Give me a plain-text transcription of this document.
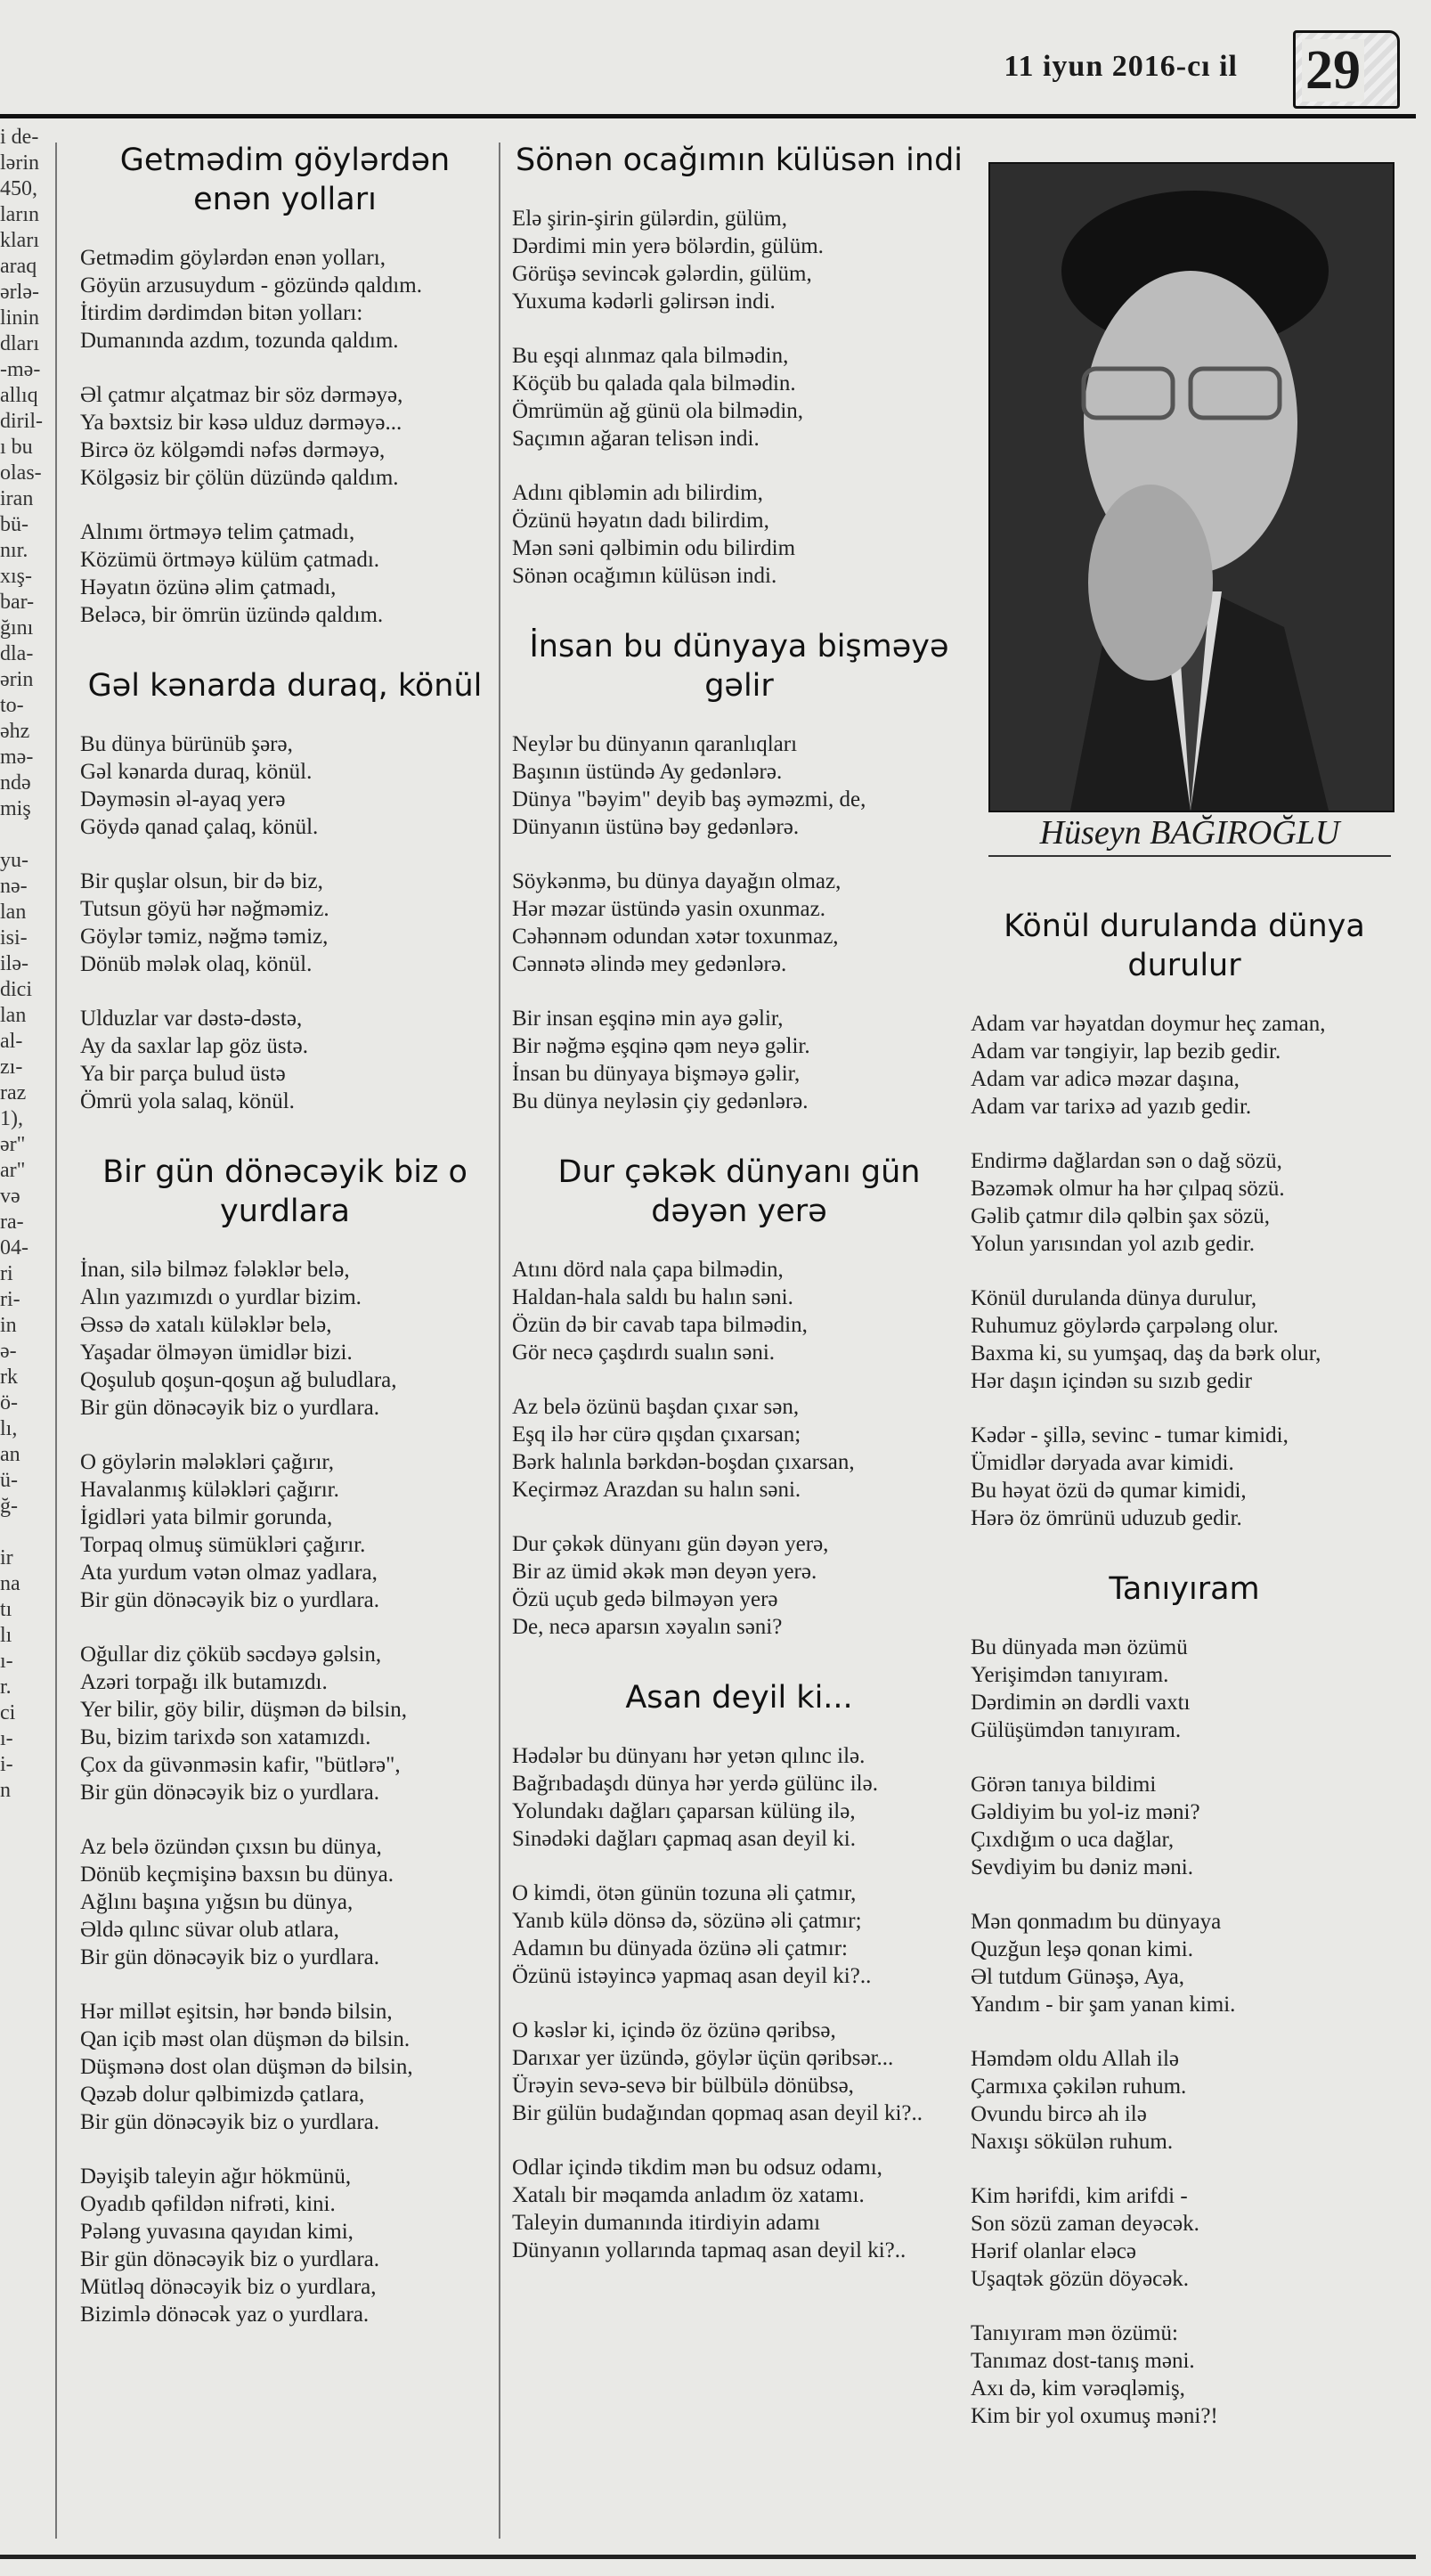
11 iyun 2016-cı il 29
i de-
lərin
450,
ların
kları
araq
ərlə-
linin
dları
-mə-
allıq
diril-
ı bu
olas-
iran
bü-
nır.
xış-
bar-
ğını
dla-
ərin
to-
əhz
mə-
ndə
miş
yu-
nə-
lan
isi-
ilə-
dici
lan
al-
zı-
raz
1),
ər"
ar"
və
ra-
04-
ri
ri-
in
ə-
rk
ö-
lı,
an
ü-
ğ-
ir
na
tı
lı
ı-
r.
ci
ı-
i-
n
Getmədim göylərdən enən yolları
Getmədim göylərdən enən yolları,
Göyün arzusuydum - gözündə qaldım.
İtirdim dərdimdən bitən yolları:
Dumanında azdım, tozunda qaldım.
Əl çatmır alçatmaz bir söz dərməyə,
Ya bəxtsiz bir kəsə ulduz dərməyə...
Bircə öz kölgəmdi nəfəs dərməyə,
Kölgəsiz bir çölün düzündə qaldım.
Alnımı örtməyə telim çatmadı,
Közümü örtməyə külüm çatmadı.
Həyatın özünə əlim çatmadı,
Beləcə, bir ömrün üzündə qaldım.
Gəl kənarda duraq, könül
Bu dünya bürünüb şərə,
Gəl kənarda duraq, könül.
Dəyməsin əl-ayaq yerə
Göydə qanad çalaq, könül.
Bir quşlar olsun, bir də biz,
Tutsun göyü hər nəğməmiz.
Göylər təmiz, nəğmə təmiz,
Dönüb mələk olaq, könül.
Ulduzlar var dəstə-dəstə,
Ay da saxlar lap göz üstə.
Ya bir parça bulud üstə
Ömrü yola salaq, könül.
Bir gün dönəcəyik biz o yurdlara
İnan, silə bilməz fələklər belə,
Alın yazımızdı o yurdlar bizim.
Əssə də xatalı küləklər belə,
Yaşadar ölməyən ümidlər bizi.
Qoşulub qoşun-qoşun ağ buludlara,
Bir gün dönəcəyik biz o yurdlara.
O göylərin mələkləri çağırır,
Havalanmış küləkləri çağırır.
İgidləri yata bilmir gorunda,
Torpaq olmuş sümükləri çağırır.
Ata yurdum vətən olmaz yadlara,
Bir gün dönəcəyik biz o yurdlara.
Oğullar diz çöküb səcdəyə gəlsin,
Azəri torpağı ilk butamızdı.
Yer bilir, göy bilir, düşmən də bilsin,
Bu, bizim tarixdə son xatamızdı.
Çox da güvənməsin kafir, "bütlərə",
Bir gün dönəcəyik biz o yurdlara.
Az belə özündən çıxsın bu dünya,
Dönüb keçmişinə baxsın bu dünya.
Ağlını başına yığsın bu dünya,
Əldə qılınc süvar olub atlara,
Bir gün dönəcəyik biz o yurdlara.
Hər millət eşitsin, hər bəndə bilsin,
Qan içib məst olan düşmən də bilsin.
Düşmənə dost olan düşmən də bilsin,
Qəzəb dolur qəlbimizdə çatlara,
Bir gün dönəcəyik biz o yurdlara.
Dəyişib taleyin ağır hökmünü,
Oyadıb qəfildən nifrəti, kini.
Pələng yuvasına qayıdan kimi,
Bir gün dönəcəyik biz o yurdlara.
Mütləq dönəcəyik biz o yurdlara,
Bizimlə dönəcək yaz o yurdlara.
Sönən ocağımın külüsən indi
Elə şirin-şirin gülərdin, gülüm,
Dərdimi min yerə bölərdin, gülüm.
Görüşə sevincək gələrdin, gülüm,
Yuxuma kədərli gəlirsən indi.
Bu eşqi alınmaz qala bilmədin,
Köçüb bu qalada qala bilmədin.
Ömrümün ağ günü ola bilmədin,
Saçımın ağaran telisən indi.
Adını qibləmin adı bilirdim,
Özünü həyatın dadı bilirdim,
Mən səni qəlbimin odu bilirdim
Sönən ocağımın külüsən indi.
İnsan bu dünyaya bişməyə gəlir
Neylər bu dünyanın qaranlıqları
Başının üstündə Ay gedənlərə.
Dünya "bəyim" deyib baş əyməzmi, de,
Dünyanın üstünə bəy gedənlərə.
Söykənmə, bu dünya dayağın olmaz,
Hər məzar üstündə yasin oxunmaz.
Cəhənnəm odundan xətər toxunmaz,
Cənnətə əlində mey gedənlərə.
Bir insan eşqinə min ayə gəlir,
Bir nəğmə eşqinə qəm neyə gəlir.
İnsan bu dünyaya bişməyə gəlir,
Bu dünya neyləsin çiy gedənlərə.
Dur çəkək dünyanı gün dəyən yerə
Atını dörd nala çapa bilmədin,
Haldan-hala saldı bu halın səni.
Özün də bir cavab tapa bilmədin,
Gör necə çaşdırdı sualın səni.
Az belə özünü başdan çıxar sən,
Eşq ilə hər cürə qışdan çıxarsan;
Bərk halınla bərkdən-boşdan çıxarsan,
Keçirməz Arazdan su halın səni.
Dur çəkək dünyanı gün dəyən yerə,
Bir az ümid əkək mən deyən yerə.
Özü uçub gedə bilməyən yerə
De, necə aparsın xəyalın səni?
Asan deyil ki...
Hədələr bu dünyanı hər yetən qılınc ilə.
Bağrıbadaşdı dünya hər yerdə gülünc ilə.
Yolundakı dağları çaparsan külüng ilə,
Sinədəki dağları çapmaq asan deyil ki.
O kimdi, ötən günün tozuna əli çatmır,
Yanıb külə dönsə də, sözünə əli çatmır;
Adamın bu dünyada özünə əli çatmır:
Özünü istəyincə yapmaq asan deyil ki?..
O kəslər ki, içində öz özünə qəribsə,
Darıxar yer üzündə, göylər üçün qəribsər...
Ürəyin sevə-sevə bir bülbülə dönübsə,
Bir gülün budağından qopmaq asan deyil ki?..
Odlar içində tikdim mən bu odsuz odamı,
Xatalı bir məqamda anladım öz xatamı.
Taleyin dumanında itirdiyin adamı
Dünyanın yollarında tapmaq asan deyil ki?..
Hüseyn BAĞIROĞLU
Könül durulanda dünya durulur
Adam var həyatdan doymur heç zaman,
Adam var təngiyir, lap bezib gedir.
Adam var adicə məzar daşına,
Adam var tarixə ad yazıb gedir.
Endirmə dağlardan sən o dağ sözü,
Bəzəmək olmur ha hər çılpaq sözü.
Gəlib çatmır dilə qəlbin şax sözü,
Yolun yarısından yol azıb gedir.
Könül durulanda dünya durulur,
Ruhumuz göylərdə çarpələng olur.
Baxma ki, su yumşaq, daş da bərk olur,
Hər daşın içindən su sızıb gedir
Kədər - şillə, sevinc - tumar kimidi,
Ümidlər dəryada avar kimidi.
Bu həyat özü də qumar kimidi,
Hərə öz ömrünü uduzub gedir.
Tanıyıram
Bu dünyada mən özümü
Yerişimdən tanıyıram.
Dərdimin ən dərdli vaxtı
Gülüşümdən tanıyıram.
Görən tanıya bildimi
Gəldiyim bu yol-iz məni?
Çıxdığım o uca dağlar,
Sevdiyim bu dəniz məni.
Mən qonmadım bu dünyaya
Quzğun leşə qonan kimi.
Əl tutdum Günəşə, Aya,
Yandım - bir şam yanan kimi.
Həmdəm oldu Allah ilə
Çarmıxa çəkilən ruhum.
Ovundu bircə ah ilə
Naxışı sökülən ruhum.
Kim hərifdi, kim arifdi -
Son sözü zaman deyəcək.
Hərif olanlar eləcə
Uşaqtək gözün döyəcək.
Tanıyıram mən özümü:
Tanımaz dost-tanış məni.
Axı də, kim vərəqləmiş,
Kim bir yol oxumuş məni?!
